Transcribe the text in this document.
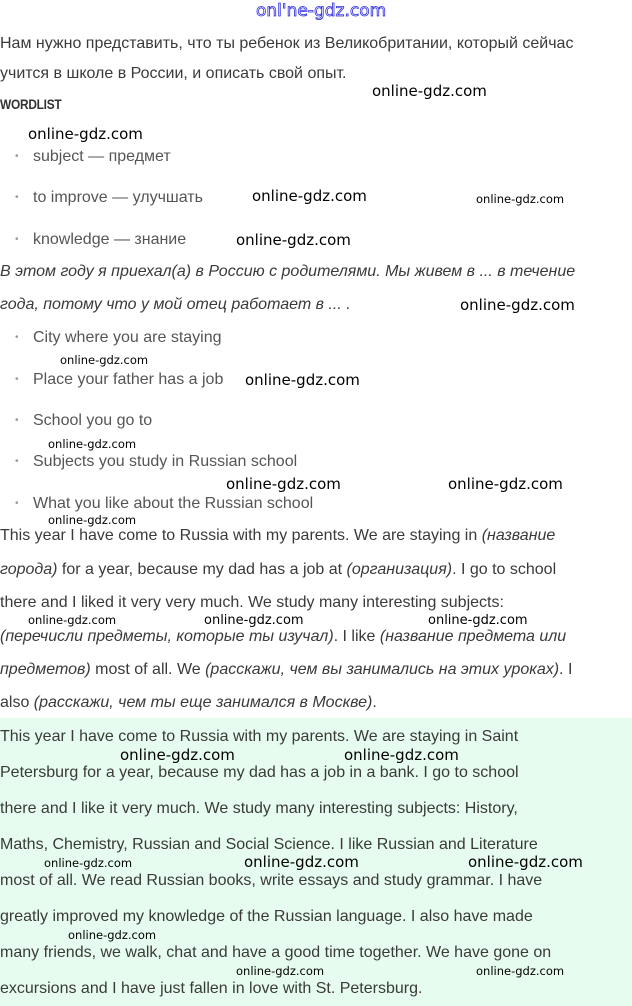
onl'ne-gdz.com
WORDLIST
Нам нужно представить, что ты ребенок из Великобритании, который сейчас
учится в школе в России, и описать свой опыт.
• subject — предмет
• to improve — улучшать
• knowledge — знание
В этом году я приехал(а) в Россию с родителями. Мы живем в ... в течение
года, потому что у мой отец работает в ... .
• City where you are staying
• Place your father has a job
• School you go to
• Subjects you study in Russian school
• What you like about the Russian school
This year I have come to Russia with my parents. We are staying in (название
города) for a year, because my dad has a job at (организация). I go to school
there and I liked it very very much. We study many interesting subjects:
(перечисли предметы, которые ты изучал). I like (название предмета или
предметов) most of all. We (расскажи, чем вы занимались на этих уроках). I
also (расскажи, чем ты еще занимался в Москве).
This year I have come to Russia with my parents. We are staying in Saint
Petersburg for a year, because my dad has a job in a bank. I go to school
there and I like it very much. We study many interesting subjects: History,
Maths, Chemistry, Russian and Social Science. I like Russian and Literature
most of all. We read Russian books, write essays and study grammar. I have
greatly improved my knowledge of the Russian language. I also have made
many friends, we walk, chat and have a good time together. We have gone on
excursions and I have just fallen in love with St. Petersburg.
online-gdz.com
online-gdz.com
online-gdz.com	online-gdz.com
online-gdz.com
online-gdz.com
online-gdz.com
online-gdz.com
online-gdz.com
online-gdz.com	online-gdz.com
online-gdz.com
online-gdz.com	online-gdz.com	online-gdz.com
online-gdz.com	online-gdz.com
online-gdz.com	online-gdz.com	online-gdz.com
online-gdz.com
online-gdz.com	online-gdz.com
